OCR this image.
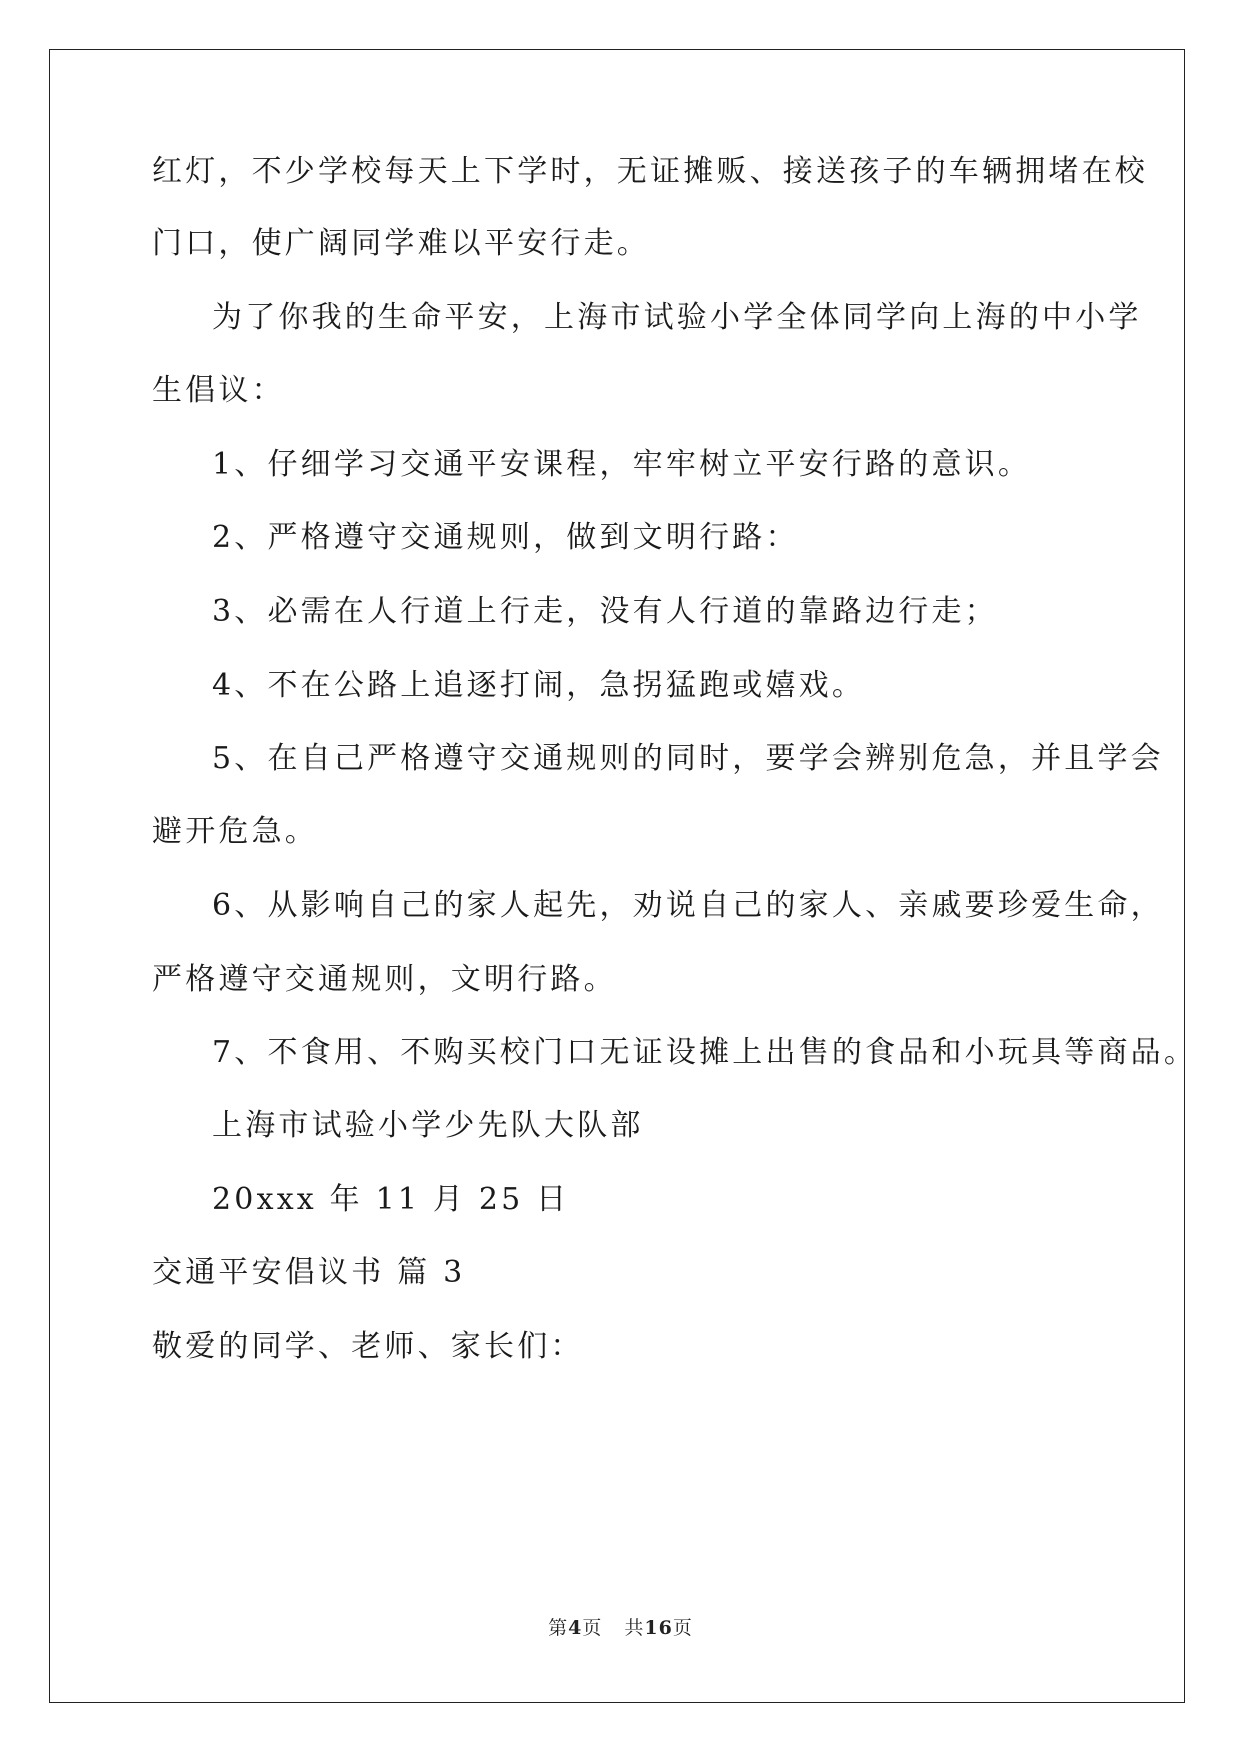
红灯，不少学校每天上下学时，无证摊贩、接送孩子的车辆拥堵在校

门口，使广阔同学难以平安行走。

为了你我的生命平安，上海市试验小学全体同学向上海的中小学

生倡议：

1、仔细学习交通平安课程，牢牢树立平安行路的意识。

2、严格遵守交通规则，做到文明行路：

3、必需在人行道上行走，没有人行道的靠路边行走；

4、不在公路上追逐打闹，急拐猛跑或嬉戏。

5、在自己严格遵守交通规则的同时，要学会辨别危急，并且学会

避开危急。

6、从影响自己的家人起先，劝说自己的家人、亲戚要珍爱生命，

严格遵守交通规则，文明行路。

7、不食用、不购买校门口无证设摊上出售的食品和小玩具等商品。

上海市试验小学少先队大队部

20xxx 年 11 月 25 日

交通平安倡议书 篇 3

敬爱的同学、老师、家长们：

第4页 共16页
